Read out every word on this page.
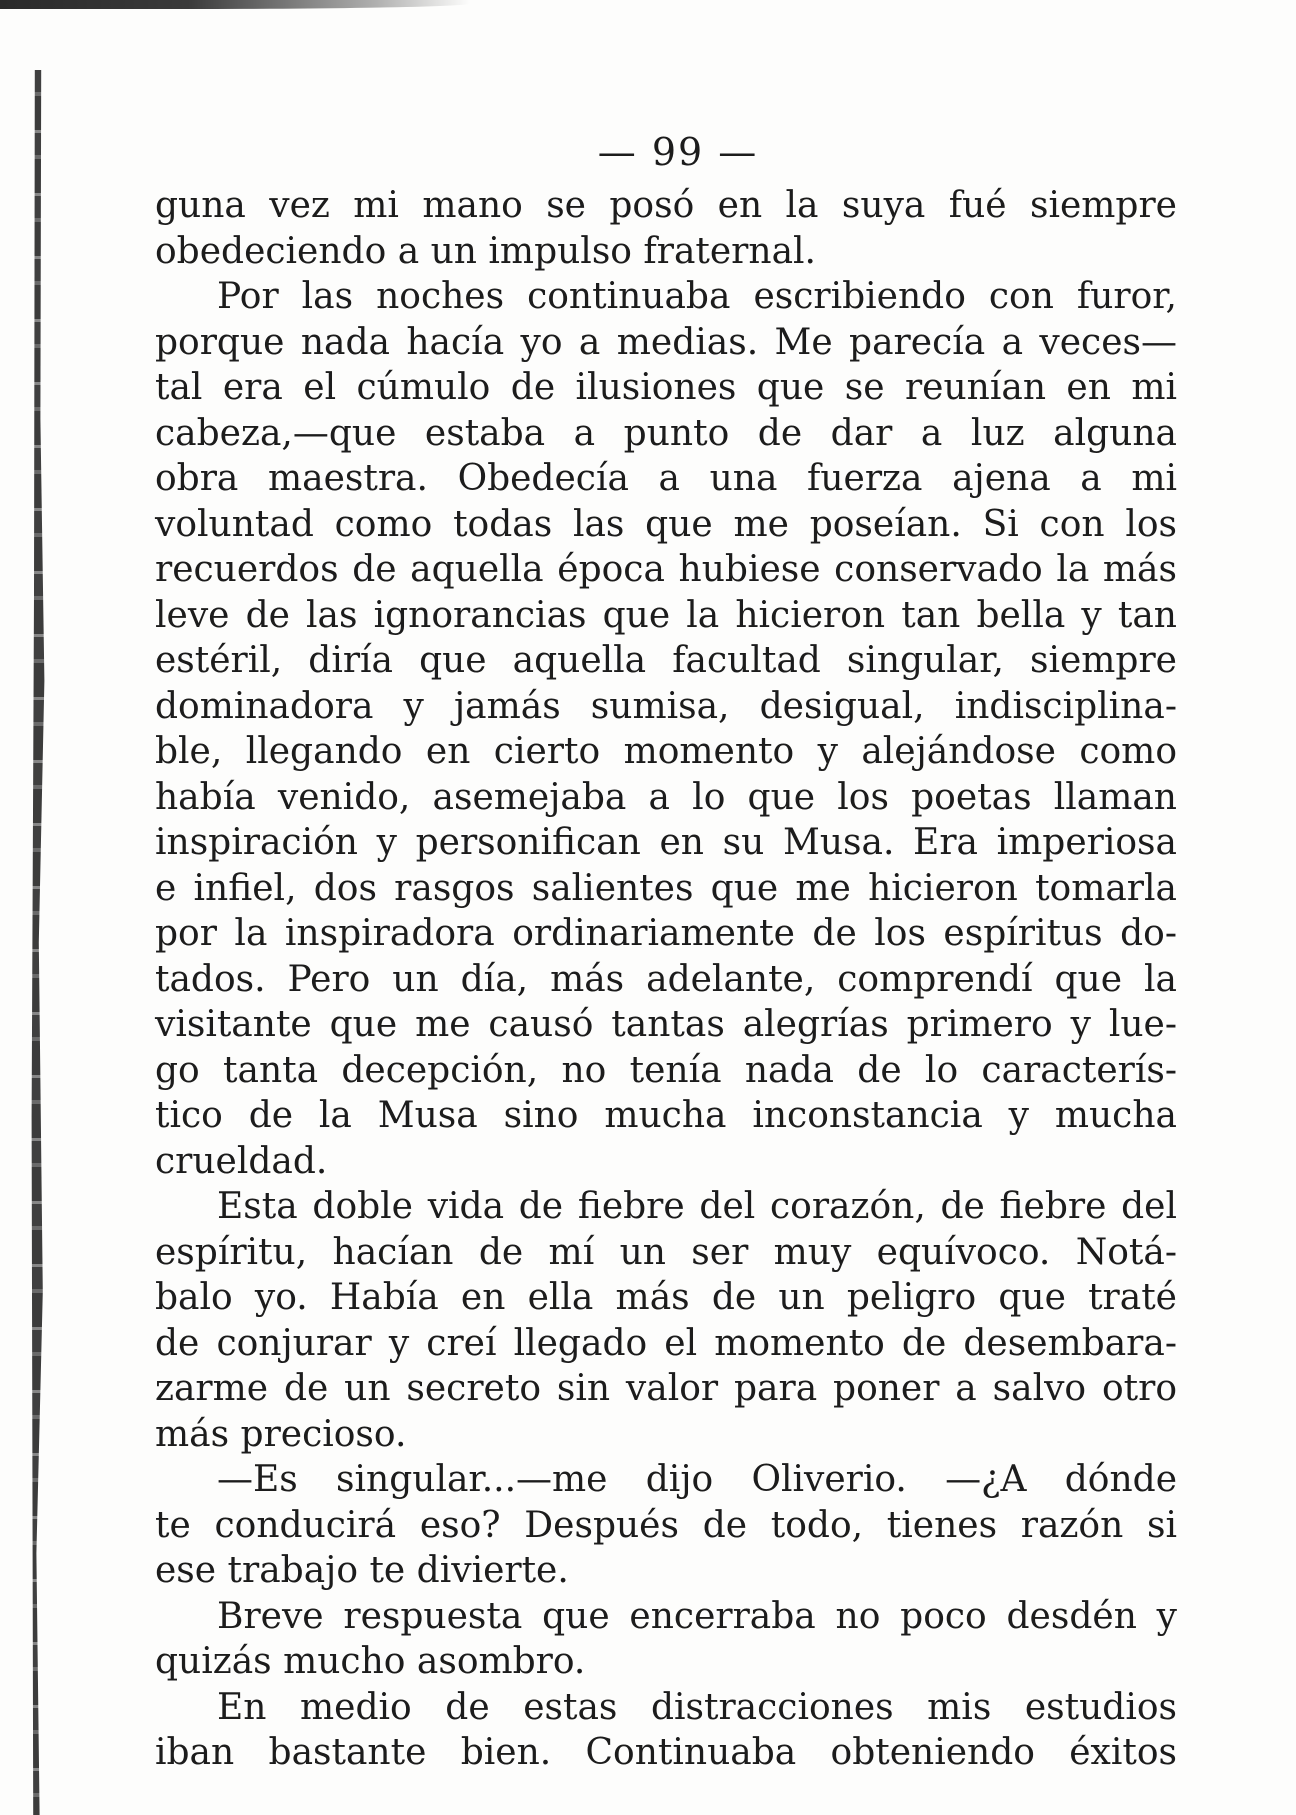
— 99 —
guna vez mi mano se posó en la suya fué siempre
obedeciendo a un impulso fraternal.
Por las noches continuaba escribiendo con furor,
porque nada hacía yo a medias. Me parecía a veces—
tal era el cúmulo de ilusiones que se reunían en mi
cabeza,—que estaba a punto de dar a luz alguna
obra maestra. Obedecía a una fuerza ajena a mi
voluntad como todas las que me poseían. Si con los
recuerdos de aquella época hubiese conservado la más
leve de las ignorancias que la hicieron tan bella y tan
estéril, diría que aquella facultad singular, siempre
dominadora y jamás sumisa, desigual, indisciplina-
ble, llegando en cierto momento y alejándose como
había venido, asemejaba a lo que los poetas llaman
inspiración y personifican en su Musa. Era imperiosa
e infiel, dos rasgos salientes que me hicieron tomarla
por la inspiradora ordinariamente de los espíritus do-
tados. Pero un día, más adelante, comprendí que la
visitante que me causó tantas alegrías primero y lue-
go tanta decepción, no tenía nada de lo caracterís-
tico de la Musa sino mucha inconstancia y mucha
crueldad.
Esta doble vida de fiebre del corazón, de fiebre del
espíritu, hacían de mí un ser muy equívoco. Notá-
balo yo. Había en ella más de un peligro que traté
de conjurar y creí llegado el momento de desembara-
zarme de un secreto sin valor para poner a salvo otro
más precioso.
—Es singular...—me dijo Oliverio. —¿A dónde
te conducirá eso? Después de todo, tienes razón si
ese trabajo te divierte.
Breve respuesta que encerraba no poco desdén y
quizás mucho asombro.
En medio de estas distracciones mis estudios
iban bastante bien. Continuaba obteniendo éxitos
